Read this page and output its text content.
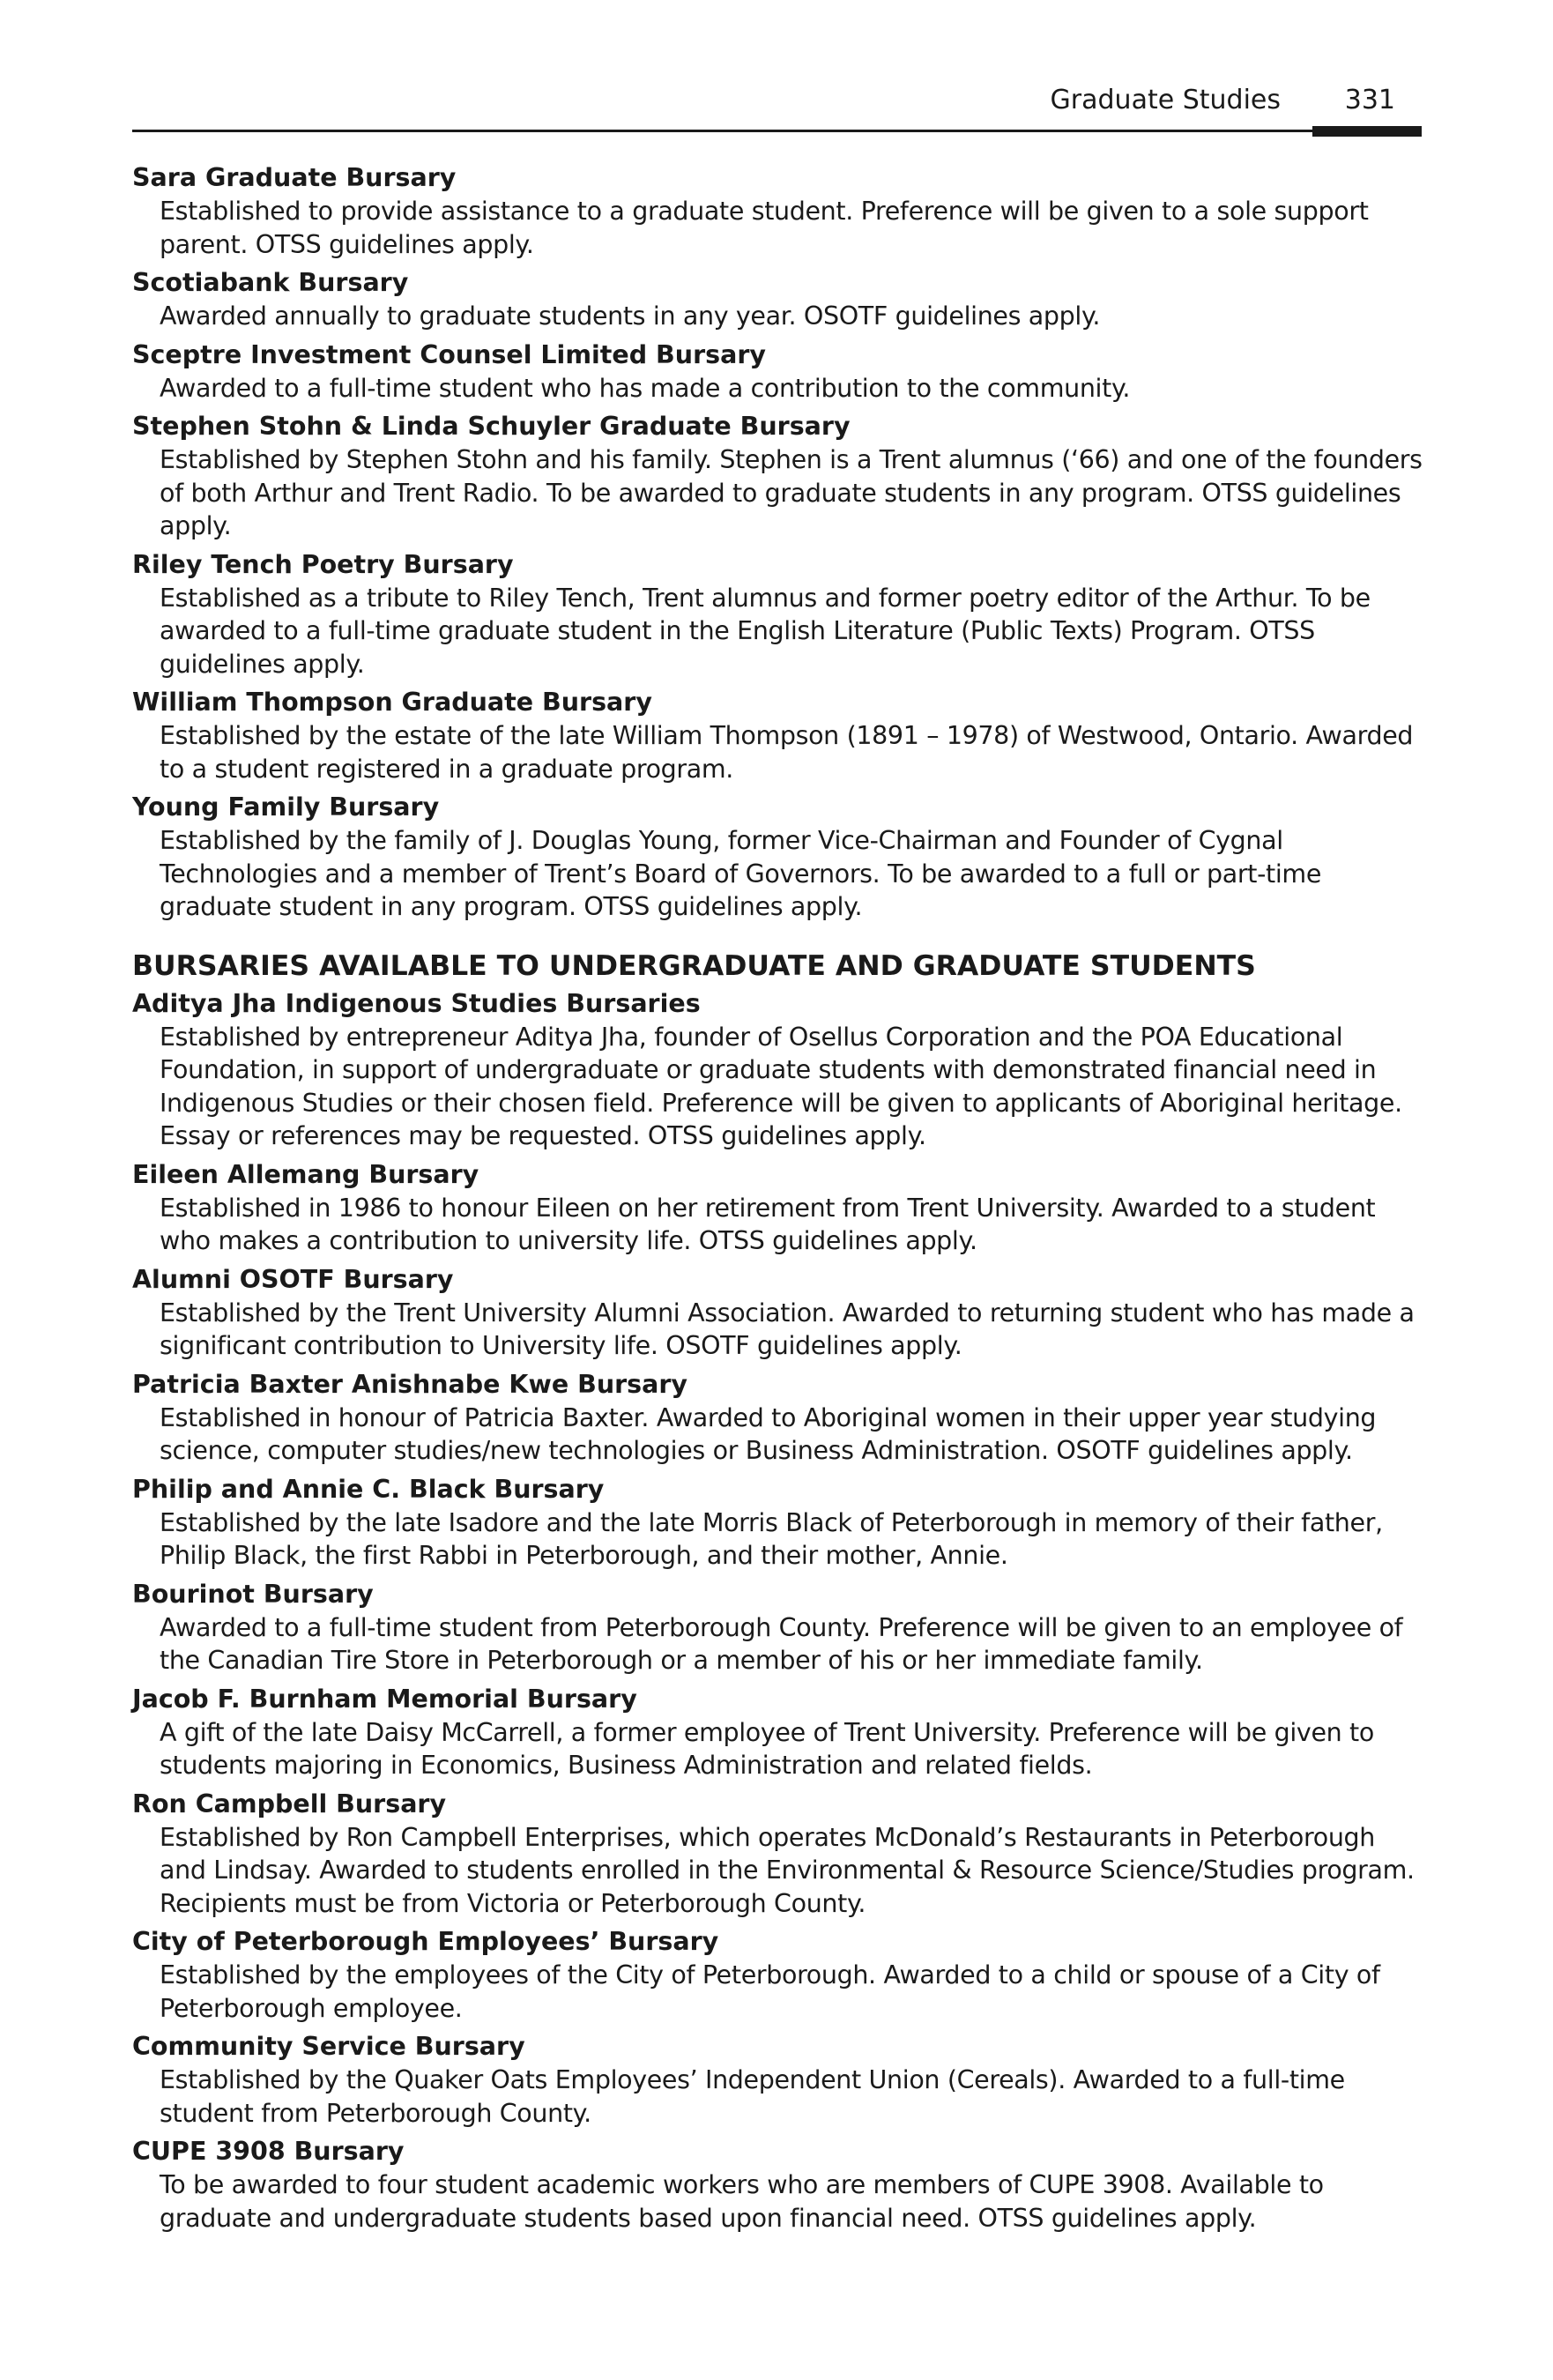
Graduate Studies 331
Sara Graduate Bursary
Established to provide assistance to a graduate student. Preference will be given to a sole support parent. OTSS guidelines apply.
Scotiabank Bursary
Awarded annually to graduate students in any year. OSOTF guidelines apply.
Sceptre Investment Counsel Limited Bursary
Awarded to a full-time student who has made a contribution to the community.
Stephen Stohn & Linda Schuyler Graduate Bursary
Established by Stephen Stohn and his family. Stephen is a Trent alumnus (‘66) and one of the founders of both Arthur and Trent Radio. To be awarded to graduate students in any program. OTSS guidelines apply.
Riley Tench Poetry Bursary
Established as a tribute to Riley Tench, Trent alumnus and former poetry editor of the Arthur. To be awarded to a full-time graduate student in the English Literature (Public Texts) Program. OTSS guidelines apply.
William Thompson Graduate Bursary
Established by the estate of the late William Thompson (1891 – 1978) of Westwood, Ontario. Awarded to a student registered in a graduate program.
Young Family Bursary
Established by the family of J. Douglas Young, former Vice-Chairman and Founder of Cygnal Technologies and a member of Trent’s Board of Governors. To be awarded to a full or part-time graduate student in any program. OTSS guidelines apply.
BURSARIES AVAILABLE TO UNDERGRADUATE AND GRADUATE STUDENTS
Aditya Jha Indigenous Studies Bursaries
Established by entrepreneur Aditya Jha, founder of Osellus Corporation and the POA Educational Foundation, in support of undergraduate or graduate students with demonstrated financial need in Indigenous Studies or their chosen field. Preference will be given to applicants of Aboriginal heritage. Essay or references may be requested. OTSS guidelines apply.
Eileen Allemang Bursary
Established in 1986 to honour Eileen on her retirement from Trent University. Awarded to a student who makes a contribution to university life. OTSS guidelines apply.
Alumni OSOTF Bursary
Established by the Trent University Alumni Association. Awarded to returning student who has made a significant contribution to University life. OSOTF guidelines apply.
Patricia Baxter Anishnabe Kwe Bursary
Established in honour of Patricia Baxter. Awarded to Aboriginal women in their upper year studying science, computer studies/new technologies or Business Administration. OSOTF guidelines apply.
Philip and Annie C. Black Bursary
Established by the late Isadore and the late Morris Black of Peterborough in memory of their father, Philip Black, the first Rabbi in Peterborough, and their mother, Annie.
Bourinot Bursary
Awarded to a full-time student from Peterborough County. Preference will be given to an employee of the Canadian Tire Store in Peterborough or a member of his or her immediate family.
Jacob F. Burnham Memorial Bursary
A gift of the late Daisy McCarrell, a former employee of Trent University. Preference will be given to students majoring in Economics, Business Administration and related fields.
Ron Campbell Bursary
Established by Ron Campbell Enterprises, which operates McDonald’s Restaurants in Peterborough and Lindsay. Awarded to students enrolled in the Environmental & Resource Science/Studies program. Recipients must be from Victoria or Peterborough County.
City of Peterborough Employees’ Bursary
Established by the employees of the City of Peterborough. Awarded to a child or spouse of a City of Peterborough employee.
Community Service Bursary
Established by the Quaker Oats Employees’ Independent Union (Cereals). Awarded to a full-time student from Peterborough County.
CUPE 3908 Bursary
To be awarded to four student academic workers who are members of CUPE 3908. Available to graduate and undergraduate students based upon financial need. OTSS guidelines apply.
